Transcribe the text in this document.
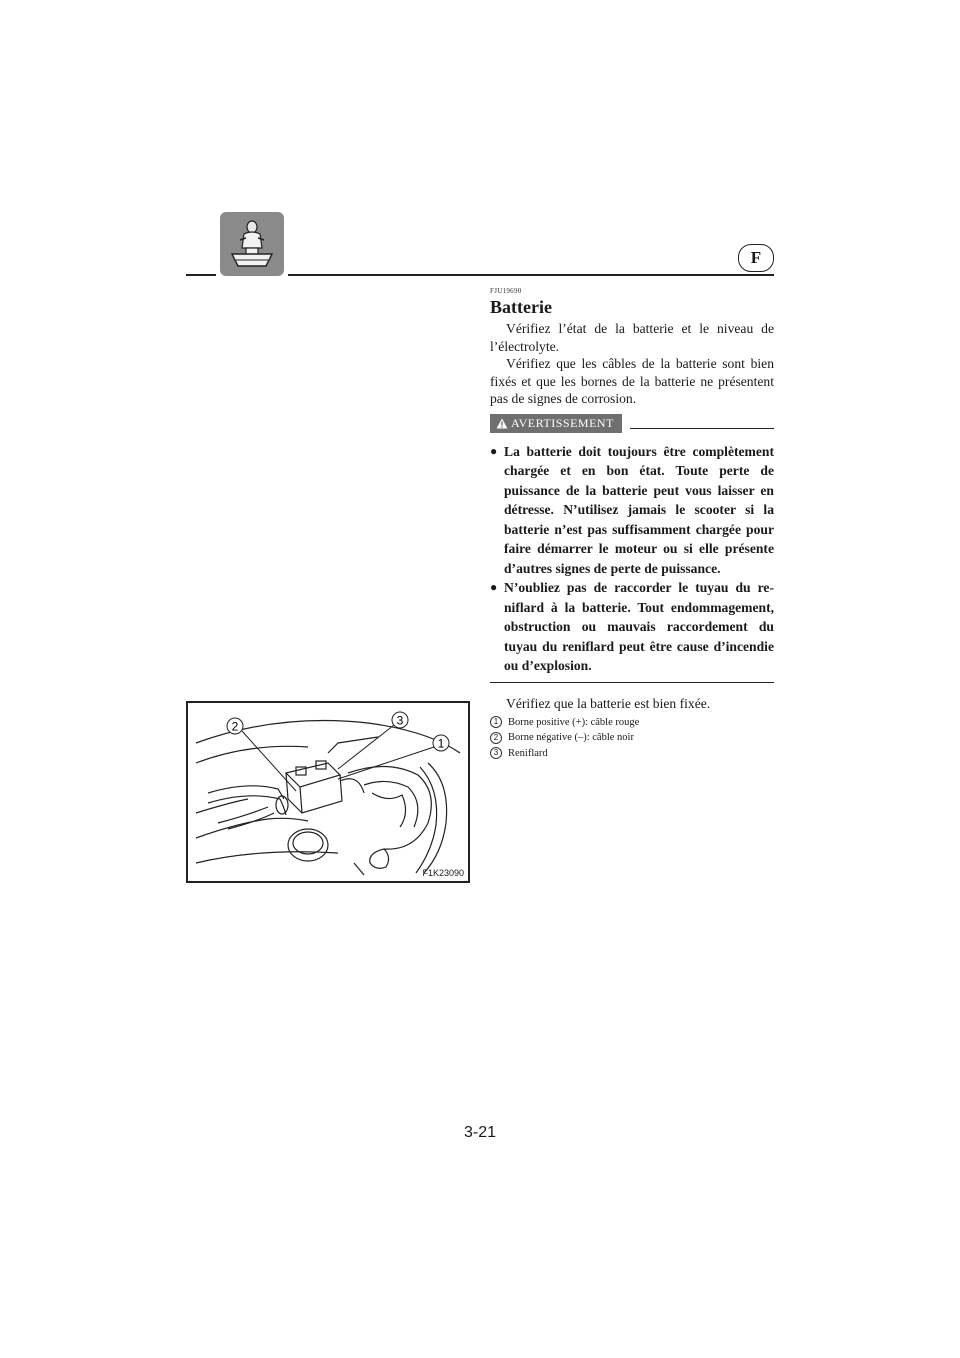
F

FJU19690

Batterie

Vérifiez l’état de la batterie et le niveau de l’électrolyte.

Vérifiez que les câbles de la batterie sont bien fixés et que les bornes de la batterie ne présentent pas de signes de corrosion.

AVERTISSEMENT
● La batterie doit toujours être complètement chargée et en bon état. Toute perte de puissance de la batterie peut vous laisser en détresse. N’utilisez jamais le scooter si la batterie n’est pas suffisamment chargée pour faire démarrer le moteur ou si elle présente d’autres signes de perte de puissance.
● N’oubliez pas de raccorder le tuyau du reniflard à la batterie. Tout endommagement, obstruction ou mauvais raccordement du tuyau du reniflard peut être cause d’incendie ou d’explosion.

Vérifiez que la batterie est bien fixée.

1 Borne positive (+): câble rouge
2 Borne négative (–): câble noir
3 Reniflard
2	3
1
F1K23090
3-21
